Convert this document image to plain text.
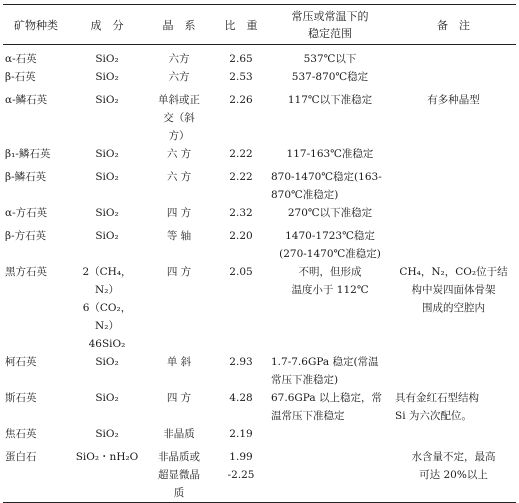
矿物种类	成　分	晶　系	比　重	常压或常温下的
稳定范围	备　注
α-石英	SiO₂	六方	2.65	537℃以下	
β-石英	SiO₂	六方	2.53	537-870℃稳定	
α-鳞石英	SiO₂	单斜或正
交（斜
方）	2.26	117℃以下准稳定	有多种晶型
β₁-鳞石英	SiO₂	六 方	2.22	117-163℃准稳定	
β-鳞石英	SiO₂	六 方	2.22	870-1470℃稳定(163-
870℃准稳定)	
α-方石英	SiO₂	四 方	2.32	270℃以下准稳定	
β-方石英	SiO₂	等 轴	2.20	1470-1723℃稳定
(270-1470℃准稳定)	
黑方石英	2（CH₄，N₂）
6（CO₂，N₂）
46SiO₂	四 方	2.05	不明，但形成
温度小于 112℃	CH₄，N₂，CO₂位于结
构中炭四面体骨架
围成的空腔内
柯石英	SiO₂	单 斜	2.93	1.7-7.6GPa 稳定(常温
常压下准稳定)	
斯石英	SiO₂	四 方	4.28	67.6GPa 以上稳定，常
温常压下准稳定	具有金红石型结构
Si 为六次配位。
焦石英	SiO₂	非晶质	2.19		
蛋白石	SiO₂・nH₂O	非晶质或
超显微晶
质	1.99
-2.25		水含量不定，最高
可达 20%以上
